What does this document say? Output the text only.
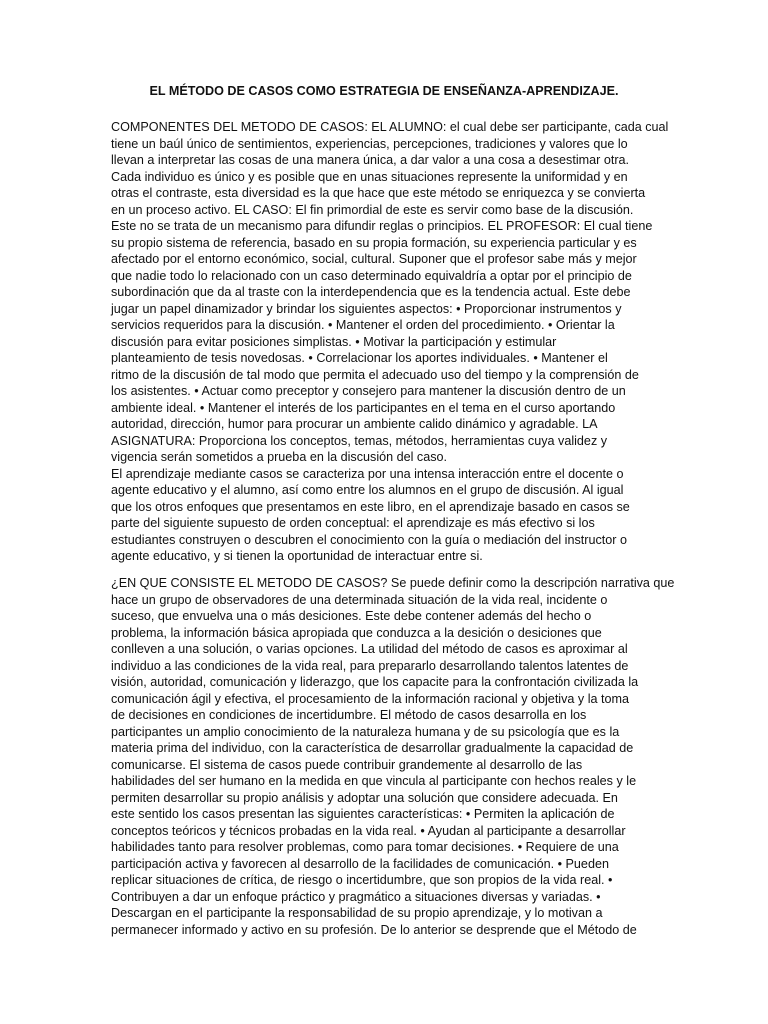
EL MÉTODO DE CASOS COMO ESTRATEGIA DE ENSEÑANZA-APRENDIZAJE.
COMPONENTES DEL METODO DE CASOS: EL ALUMNO: el cual debe ser participante, cada cual
tiene un baúl único de sentimientos, experiencias, percepciones, tradiciones y valores que lo
llevan a interpretar las cosas de una manera única, a dar valor a una cosa a desestimar otra.
Cada individuo es único y es posible que en unas situaciones represente la uniformidad y en
otras el contraste, esta diversidad es la que hace que este método se enriquezca y se convierta
en un proceso activo. EL CASO: El fin primordial de este es servir como base de la discusión.
Este no se trata de un mecanismo para difundir reglas o principios. EL PROFESOR: El cual tiene
su propio sistema de referencia, basado en su propia formación, su experiencia particular y es
afectado por el entorno económico, social, cultural. Suponer que el profesor sabe más y mejor
que nadie todo lo relacionado con un caso determinado equivaldría a optar por el principio de
subordinación que da al traste con la interdependencia que es la tendencia actual. Este debe
jugar un papel dinamizador y brindar los siguientes aspectos: • Proporcionar instrumentos y
servicios requeridos para la discusión. • Mantener el orden del procedimiento. • Orientar la
discusión para evitar posiciones simplistas. • Motivar la participación y estimular
planteamiento de tesis novedosas. • Correlacionar los aportes individuales. • Mantener el
ritmo de la discusión de tal modo que permita el adecuado uso del tiempo y la comprensión de
los asistentes. • Actuar como preceptor y consejero para mantener la discusión dentro de un
ambiente ideal. • Mantener el interés de los participantes en el tema en el curso aportando
autoridad, dirección, humor para procurar un ambiente calido dinámico y agradable. LA
ASIGNATURA: Proporciona los conceptos, temas, métodos, herramientas cuya validez y
vigencia serán sometidos a prueba en la discusión del caso.
El aprendizaje mediante casos se caracteriza por una intensa interacción entre el docente o
agente educativo y el alumno, así como entre los alumnos en el grupo de discusión. Al igual
que los otros enfoques que presentamos en este libro, en el aprendizaje basado en casos se
parte del siguiente supuesto de orden conceptual: el aprendizaje es más efectivo si los
estudiantes construyen o descubren el conocimiento con la guía o mediación del instructor o
agente educativo, y si tienen la oportunidad de interactuar entre si.
¿EN QUE CONSISTE EL METODO DE CASOS? Se puede definir como la descripción narrativa que
hace un grupo de observadores de una determinada situación de la vida real, incidente o
suceso, que envuelva una o más desiciones. Este debe contener además del hecho o
problema, la información básica apropiada que conduzca a la desición o desiciones que
conlleven a una solución, o varias opciones. La utilidad del método de casos es aproximar al
individuo a las condiciones de la vida real, para prepararlo desarrollando talentos latentes de
visión, autoridad, comunicación y liderazgo, que los capacite para la confrontación civilizada la
comunicación ágil y efectiva, el procesamiento de la información racional y objetiva y la toma
de decisiones en condiciones de incertidumbre. El método de casos desarrolla en los
participantes un amplio conocimiento de la naturaleza humana y de su psicología que es la
materia prima del individuo, con la característica de desarrollar gradualmente la capacidad de
comunicarse. El sistema de casos puede contribuir grandemente al desarrollo de las
habilidades del ser humano en la medida en que vincula al participante con hechos reales y le
permiten desarrollar su propio análisis y adoptar una solución que considere adecuada. En
este sentido los casos presentan las siguientes características: • Permiten la aplicación de
conceptos teóricos y técnicos probadas en la vida real. • Ayudan al participante a desarrollar
habilidades tanto para resolver problemas, como para tomar decisiones. • Requiere de una
participación activa y favorecen al desarrollo de la facilidades de comunicación. • Pueden
replicar situaciones de crítica, de riesgo o incertidumbre, que son propios de la vida real. •
Contribuyen a dar un enfoque práctico y pragmático a situaciones diversas y variadas. •
Descargan en el participante la responsabilidad de su propio aprendizaje, y lo motivan a
permanecer informado y activo en su profesión. De lo anterior se desprende que el Método de
